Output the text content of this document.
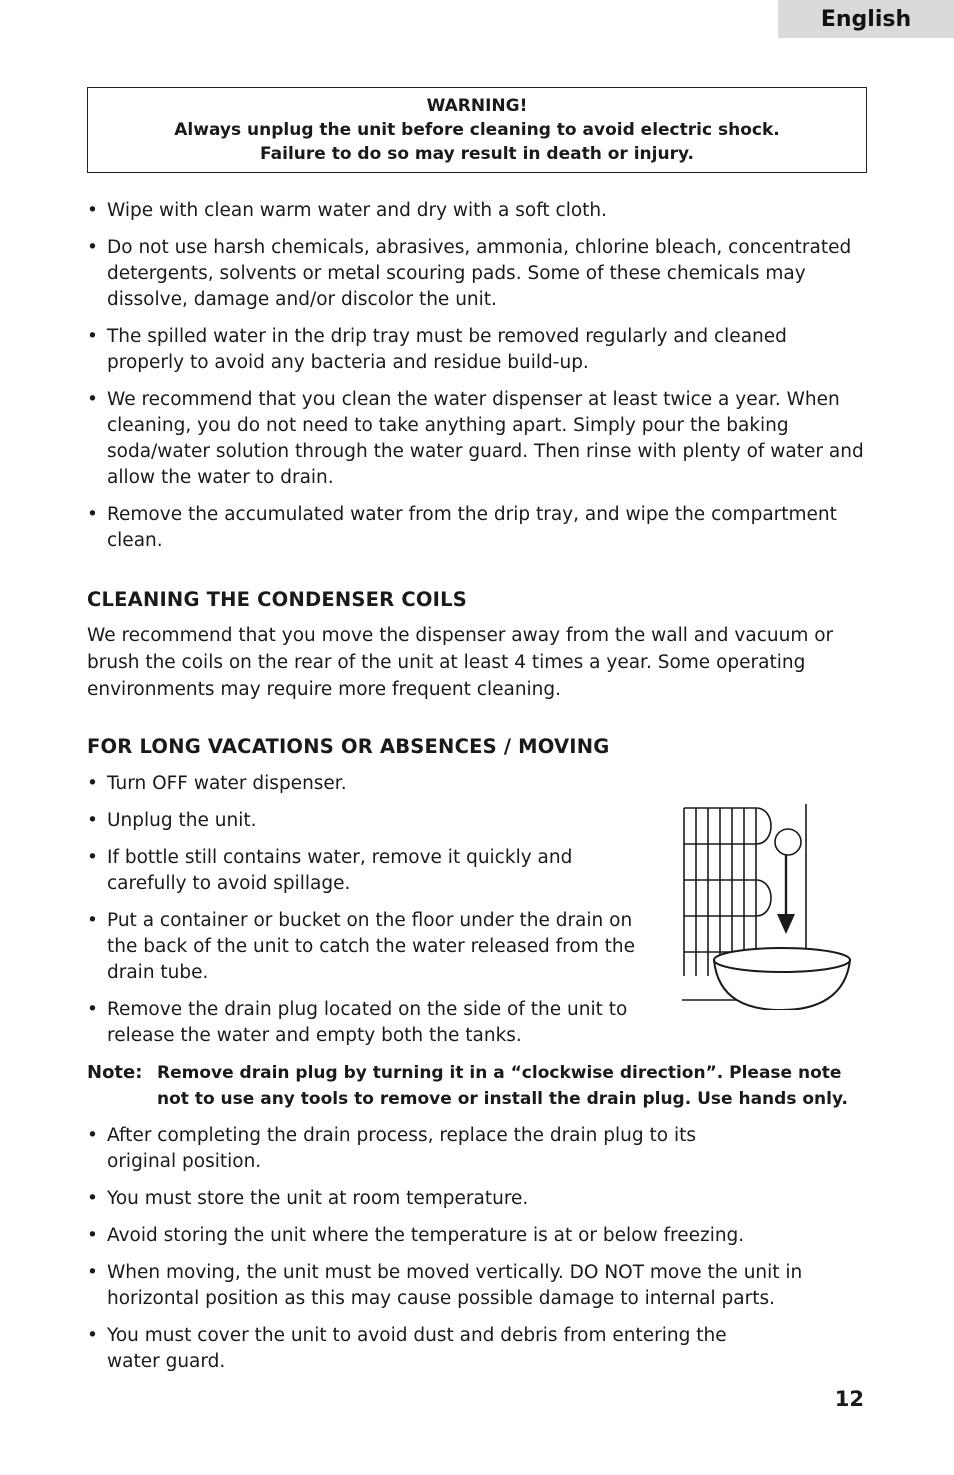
English
WARNING!
Always unplug the unit before cleaning to avoid electric shock.
Failure to do so may result in death or injury.
• Wipe with clean warm water and dry with a soft cloth.
• Do not use harsh chemicals, abrasives, ammonia, chlorine bleach, concentrated detergents, solvents or metal scouring pads. Some of these chemicals may dissolve, damage and/or discolor the unit.
• The spilled water in the drip tray must be removed regularly and cleaned properly to avoid any bacteria and residue build-up.
• We recommend that you clean the water dispenser at least twice a year. When cleaning, you do not need to take anything apart. Simply pour the baking soda/water solution through the water guard. Then rinse with plenty of water and allow the water to drain.
• Remove the accumulated water from the drip tray, and wipe the compartment clean.
CLEANING THE CONDENSER COILS

We recommend that you move the dispenser away from the wall and vacuum or brush the coils on the rear of the unit at least 4 times a year. Some operating environments may require more frequent cleaning.

FOR LONG VACATIONS OR ABSENCES / MOVING
• Turn OFF water dispenser.
• Unplug the unit.
• If bottle still contains water, remove it quickly and carefully to avoid spillage.
• Put a container or bucket on the floor under the drain on the back of the unit to catch the water released from the drain tube.
• Remove the drain plug located on the side of the unit to release the water and empty both the tanks.
Note: Remove drain plug by turning it in a “clockwise direction”. Please note not to use any tools to remove or install the drain plug. Use hands only.
• After completing the drain process, replace the drain plug to its original position.
• You must store the unit at room temperature.
• Avoid storing the unit where the temperature is at or below freezing.
• When moving, the unit must be moved vertically. DO NOT move the unit in horizontal position as this may cause possible damage to internal parts.
• You must cover the unit to avoid dust and debris from entering the water guard.
12
